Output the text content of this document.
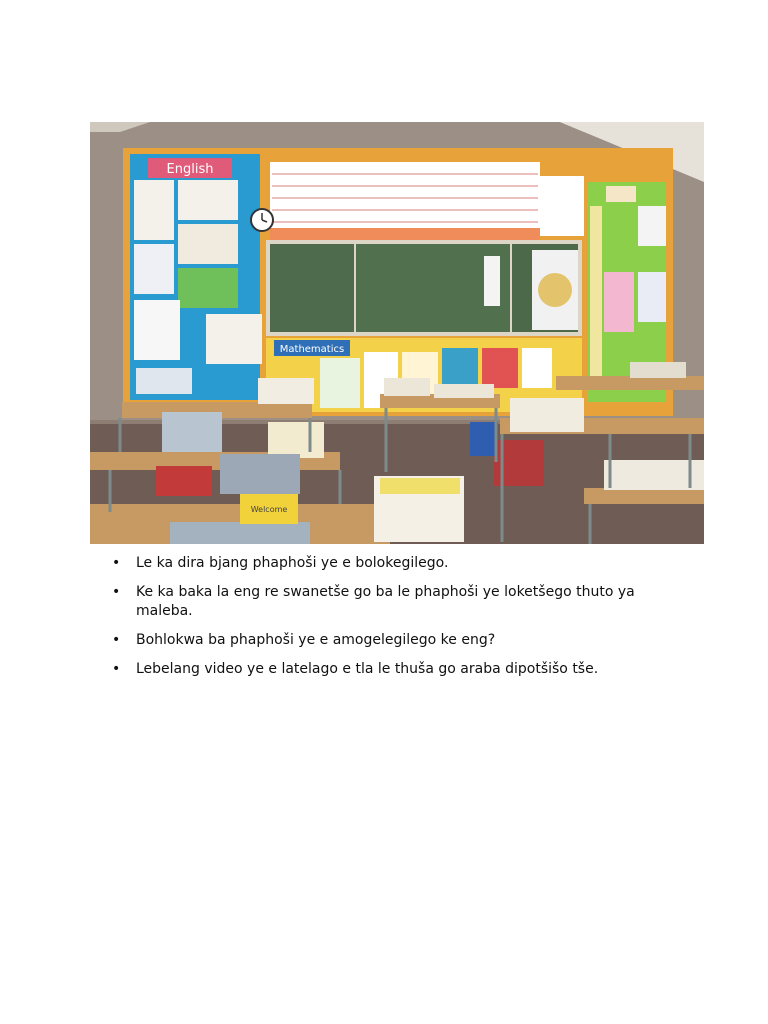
English
Mathematics
Welcome
• Le ka dira bjang phaphoši ye e bolokegilego.
• Ke ka baka la eng re swanetše go ba le phaphoši ye loketšego thuto ya maleba.
• Bohlokwa ba phaphoši ye e amogelegilego ke eng?
• Lebelang video ye e latelago e tla le thuša go araba dipotšišo tše.
